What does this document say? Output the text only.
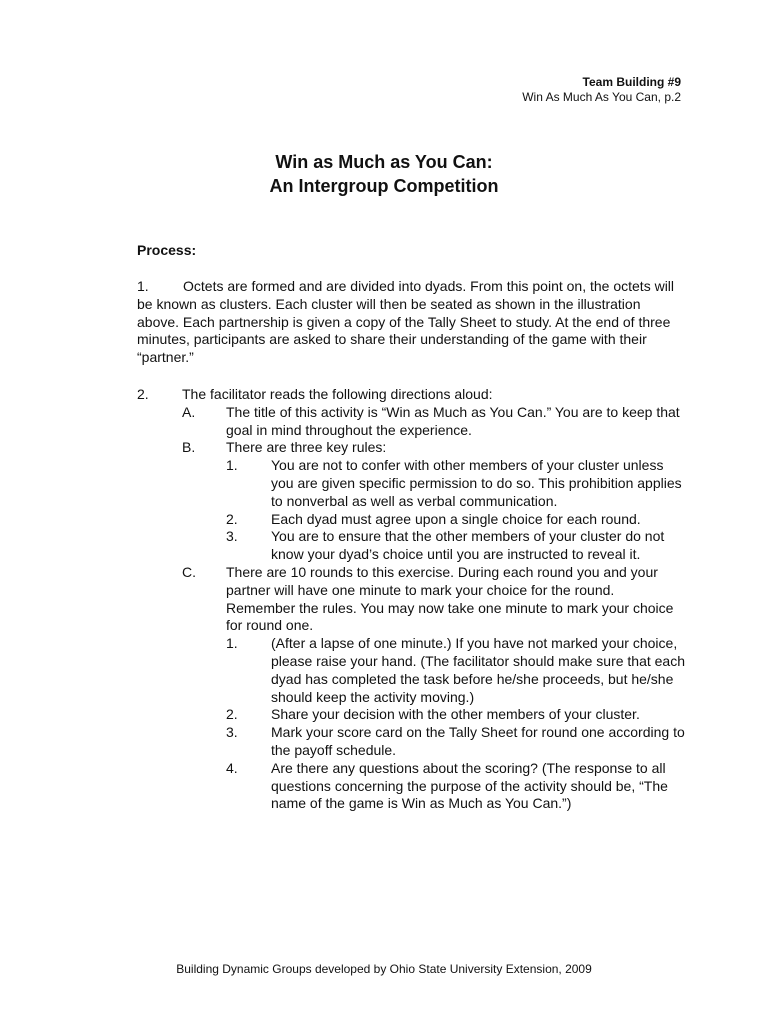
Team Building #9
Win As Much As You Can, p.2
Win as Much as You Can:
An Intergroup Competition
Process:
1. Octets are formed and are divided into dyads. From this point on, the octets will be known as clusters. Each cluster will then be seated as shown in the illustration above. Each partnership is given a copy of the Tally Sheet to study. At the end of three minutes, participants are asked to share their understanding of the game with their “partner.”
2. The facilitator reads the following directions aloud:
A. The title of this activity is “Win as Much as You Can.” You are to keep that goal in mind throughout the experience.
B. There are three key rules:
1. You are not to confer with other members of your cluster unless you are given specific permission to do so. This prohibition applies to nonverbal as well as verbal communication.
2. Each dyad must agree upon a single choice for each round.
3. You are to ensure that the other members of your cluster do not know your dyad’s choice until you are instructed to reveal it.
C. There are 10 rounds to this exercise. During each round you and your partner will have one minute to mark your choice for the round. Remember the rules. You may now take one minute to mark your choice for round one.
1. (After a lapse of one minute.) If you have not marked your choice, please raise your hand. (The facilitator should make sure that each dyad has completed the task before he/she proceeds, but he/she should keep the activity moving.)
2. Share your decision with the other members of your cluster.
3. Mark your score card on the Tally Sheet for round one according to the payoff schedule.
4. Are there any questions about the scoring? (The response to all questions concerning the purpose of the activity should be, “The name of the game is Win as Much as You Can.”)
Building Dynamic Groups developed by Ohio State University Extension, 2009
